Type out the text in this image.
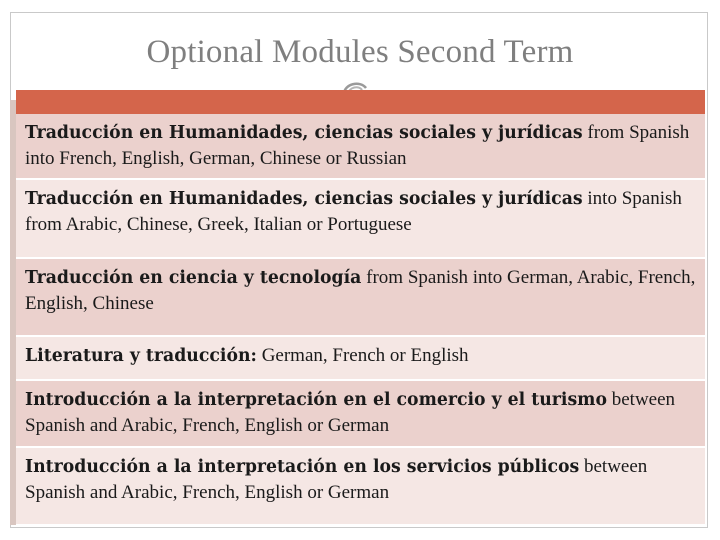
Optional Modules Second Term
Traducción en Humanidades, ciencias sociales y jurídicas from Spanish into French, English, German, Chinese or Russian
Traducción en Humanidades, ciencias sociales y jurídicas into Spanish from Arabic, Chinese, Greek, Italian or Portuguese
Traducción en ciencia y tecnología from Spanish into German, Arabic, French, English, Chinese
Literatura y traducción: German, French or English
Introducción a la interpretación en el comercio y el turismo between Spanish and Arabic, French, English or German
Introducción a la interpretación en los servicios públicos between Spanish and Arabic, French, English or German
